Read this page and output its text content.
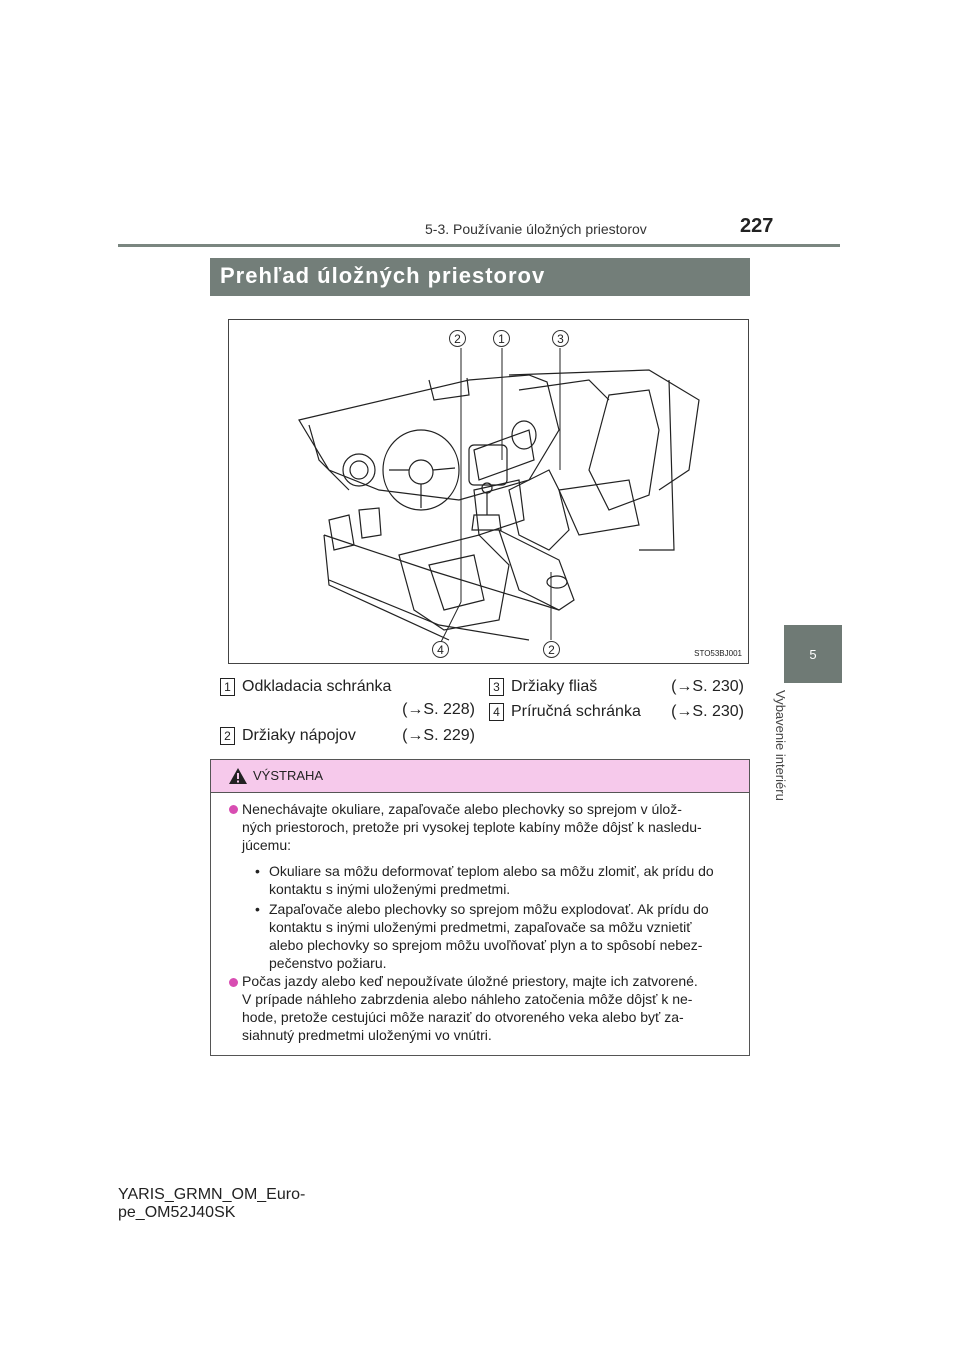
5-3. Používanie úložných priestorov	227
5
Vybavenie interiéru
Prehľad úložných priestorov
2	1	3
4	2	STO53BJ001
1 Odkladacia schránka
(→S. 228)
2 Držiaky nápojov	(→S. 229)
3 Držiaky fliaš	(→S. 230)
4 Príručná schránka	(→S. 230)
VÝSTRAHA
Nenechávajte okuliare, zapaľovače alebo plechovky so sprejom v úlož-
ných priestoroch, pretože pri vysokej teplote kabíny môže dôjsť k nasledu-
júcemu:
• Okuliare sa môžu deformovať teplom alebo sa môžu zlomiť, ak prídu do
kontaktu s inými uloženými predmetmi.
• Zapaľovače alebo plechovky so sprejom môžu explodovať. Ak prídu do
kontaktu s inými uloženými predmetmi, zapaľovače sa môžu vznietiť
alebo plechovky so sprejom môžu uvoľňovať plyn a to spôsobí nebez-
pečenstvo požiaru.
Počas jazdy alebo keď nepoužívate úložné priestory, majte ich zatvorené.
V prípade náhleho zabrzdenia alebo náhleho zatočenia môže dôjsť k ne-
hode, pretože cestujúci môže naraziť do otvoreného veka alebo byť za-
siahnutý predmetmi uloženými vo vnútri.
YARIS_GRMN_OM_Euro-
pe_OM52J40SK
